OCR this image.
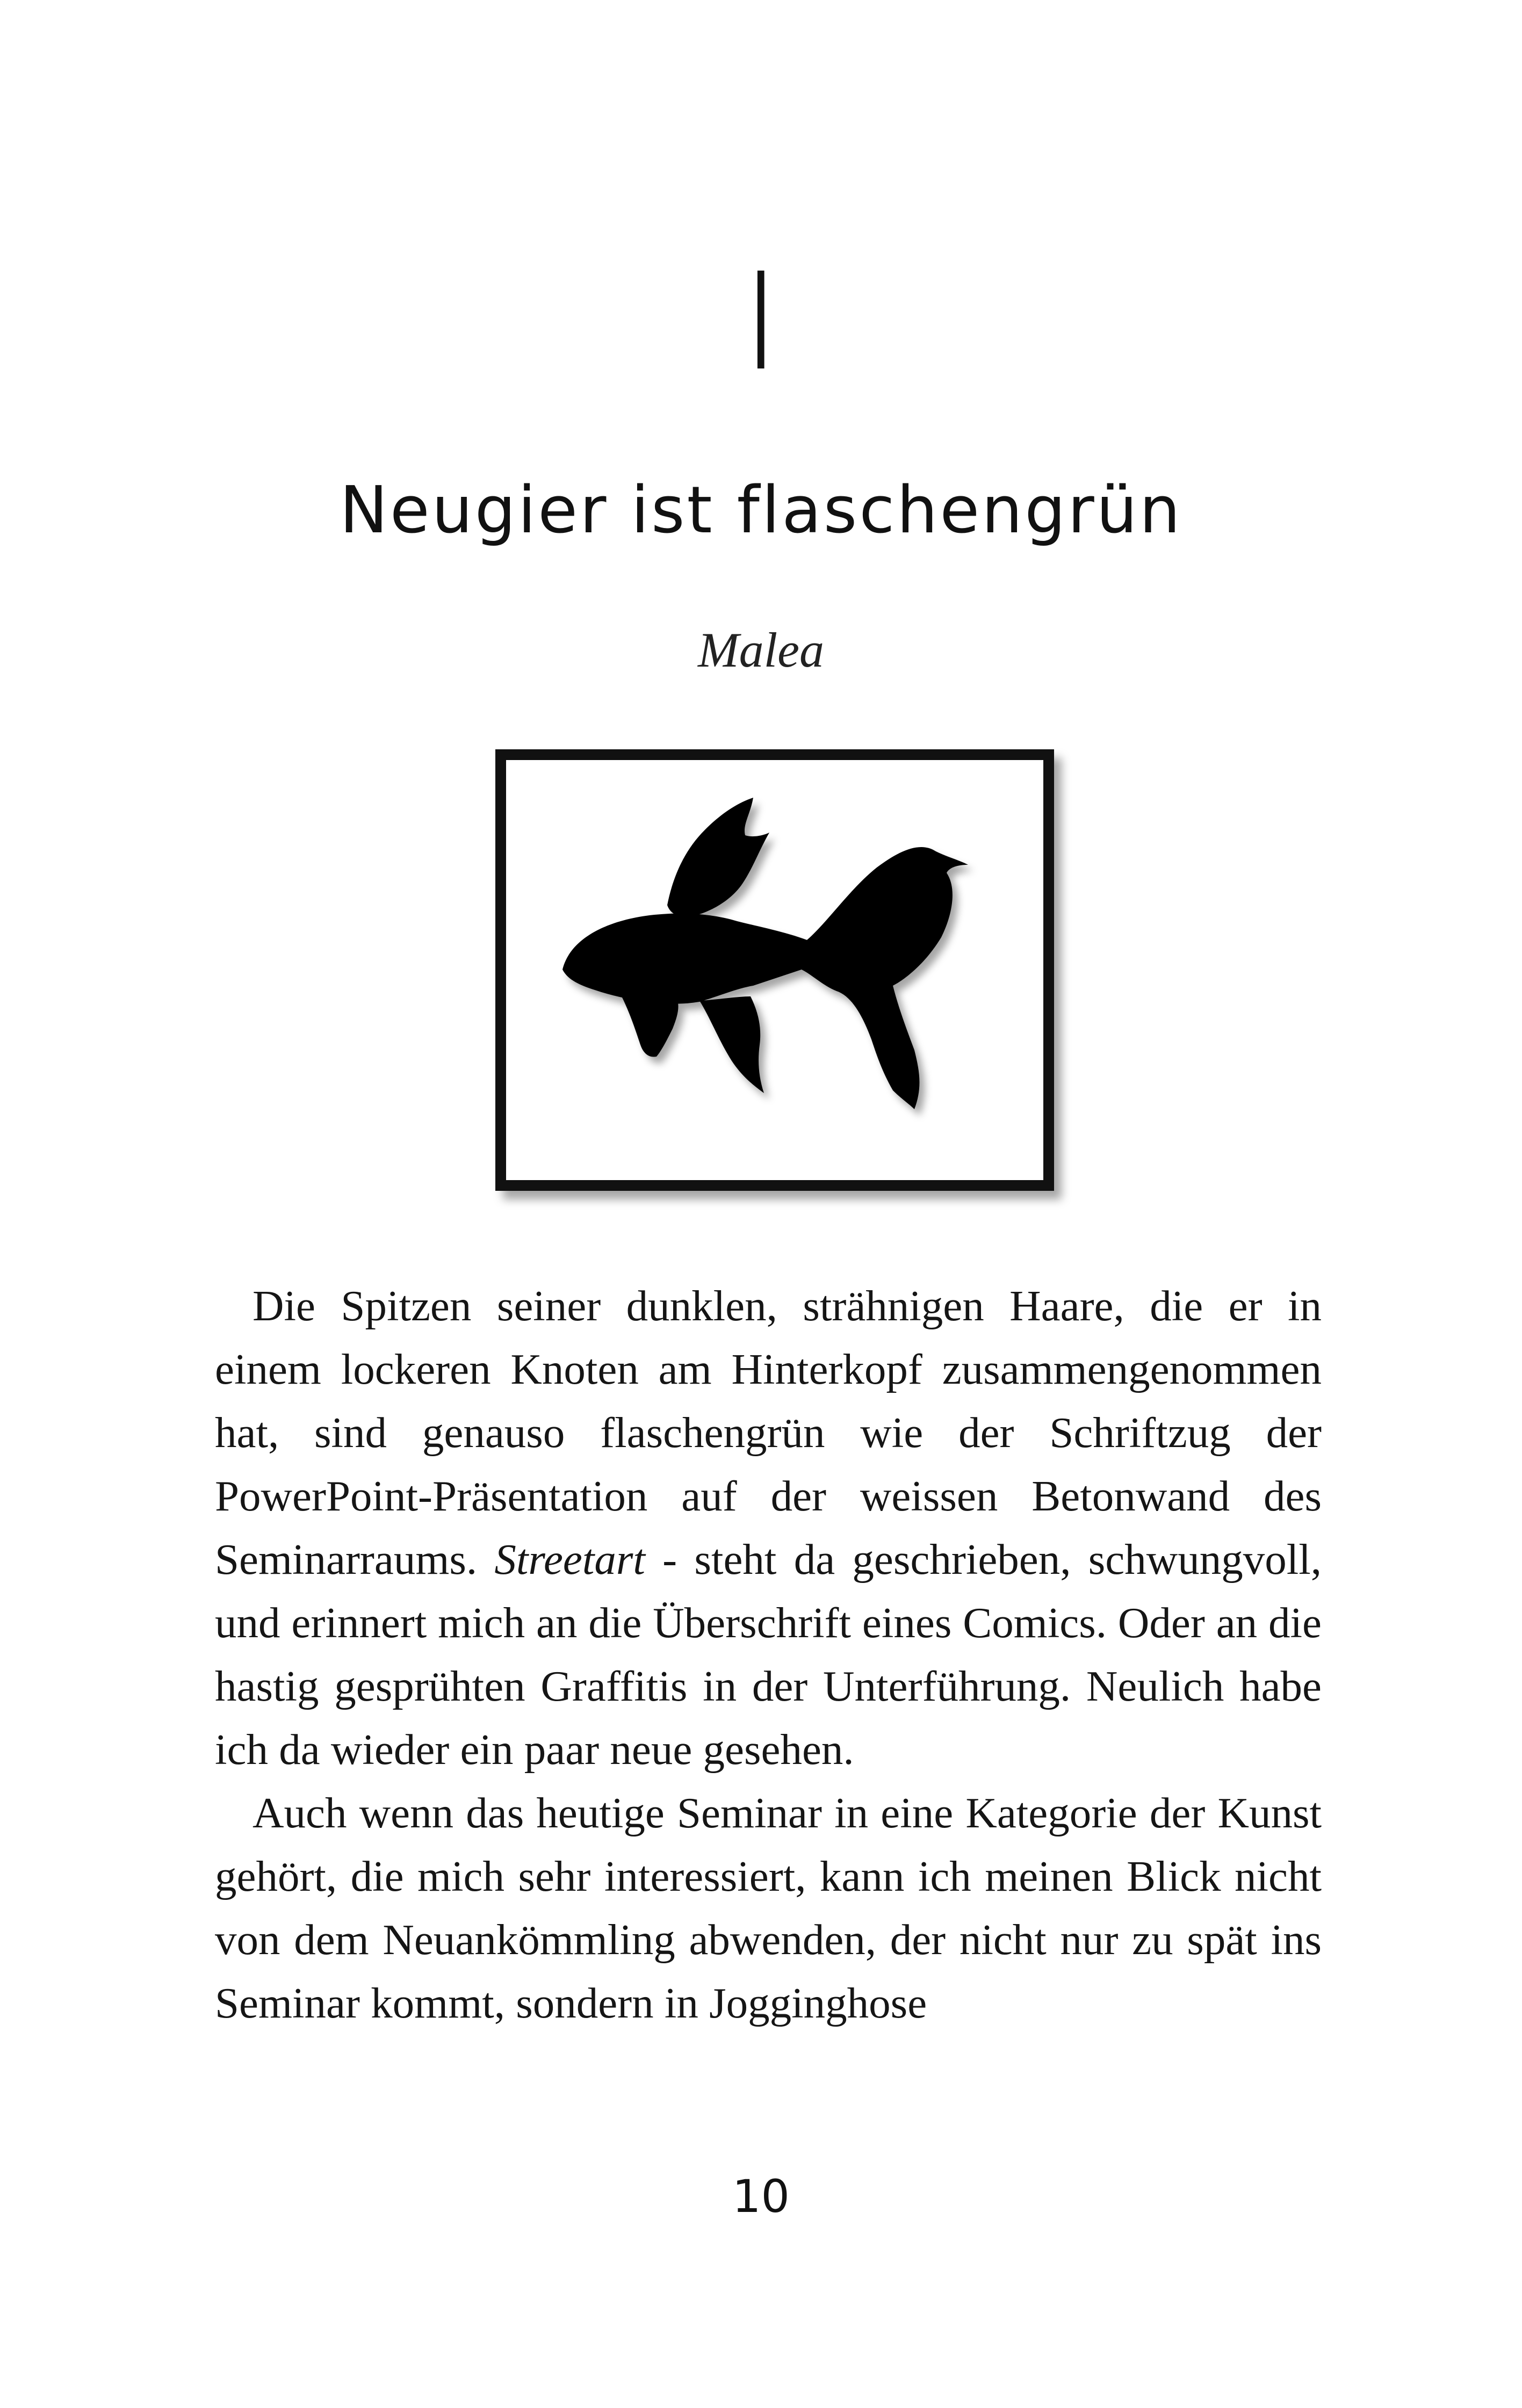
I
Neugier ist flaschengrün
Malea

Die Spitzen seiner dunklen, strähnigen Haare, die er in einem lockeren Knoten am Hinterkopf zusammengenommen hat, sind genauso flaschengrün wie der Schriftzug der PowerPoint-Präsentation auf der weissen Betonwand des Seminarraums. Streetart - steht da geschrieben, schwungvoll, und erinnert mich an die Überschrift eines Comics. Oder an die hastig gesprühten Graffitis in der Unterführung. Neulich habe ich da wieder ein paar neue gesehen.

Auch wenn das heutige Seminar in eine Kategorie der Kunst gehört, die mich sehr interessiert, kann ich meinen Blick nicht von dem Neuankömmling abwenden, der nicht nur zu spät ins Seminar kommt, sondern in Jogginghose

10
